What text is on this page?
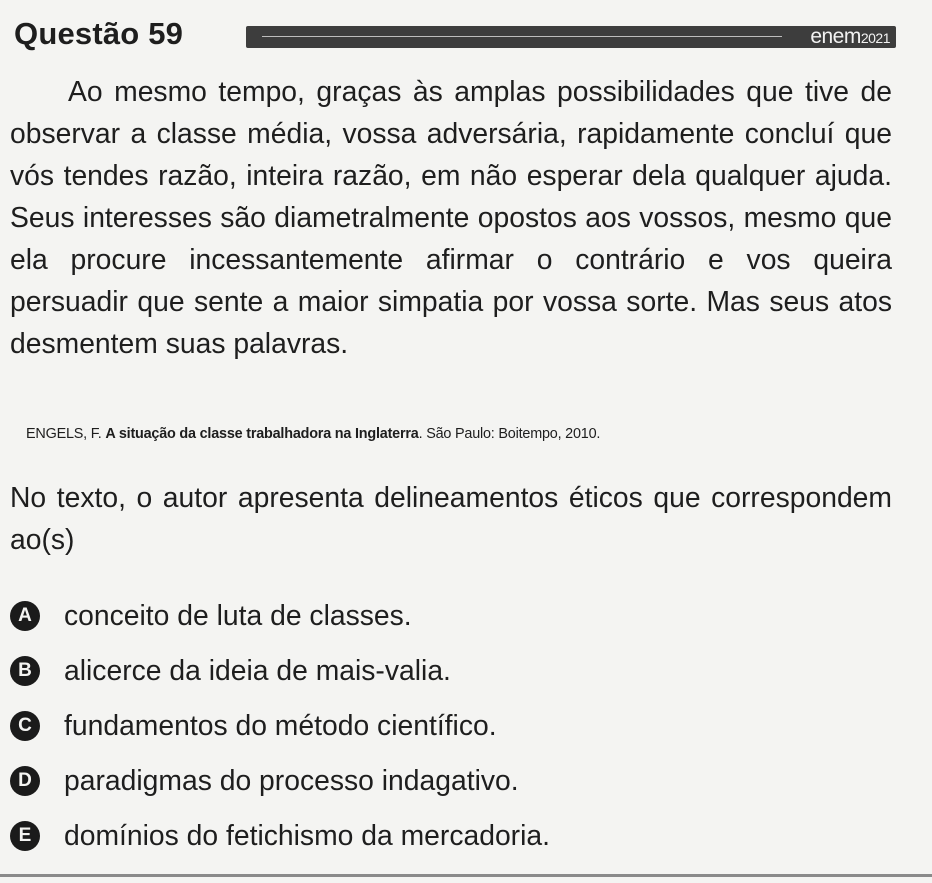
Questão 59	enem2021

Ao mesmo tempo, graças às amplas possibilidades que tive de observar a classe média, vossa adversária, rapidamente concluí que vós tendes razão, inteira razão, em não esperar dela qualquer ajuda. Seus interesses são diametralmente opostos aos vossos, mesmo que ela procure incessantemente afirmar o contrário e vos queira persuadir que sente a maior simpatia por vossa sorte. Mas seus atos desmentem suas palavras.

ENGELS, F. A situação da classe trabalhadora na Inglaterra. São Paulo: Boitempo, 2010.

No texto, o autor apresenta delineamentos éticos que correspondem ao(s)

A conceito de luta de classes.
B alicerce da ideia de mais-valia.
C fundamentos do método científico.
D paradigmas do processo indagativo.
E	domínios do fetichismo da mercadoria.
